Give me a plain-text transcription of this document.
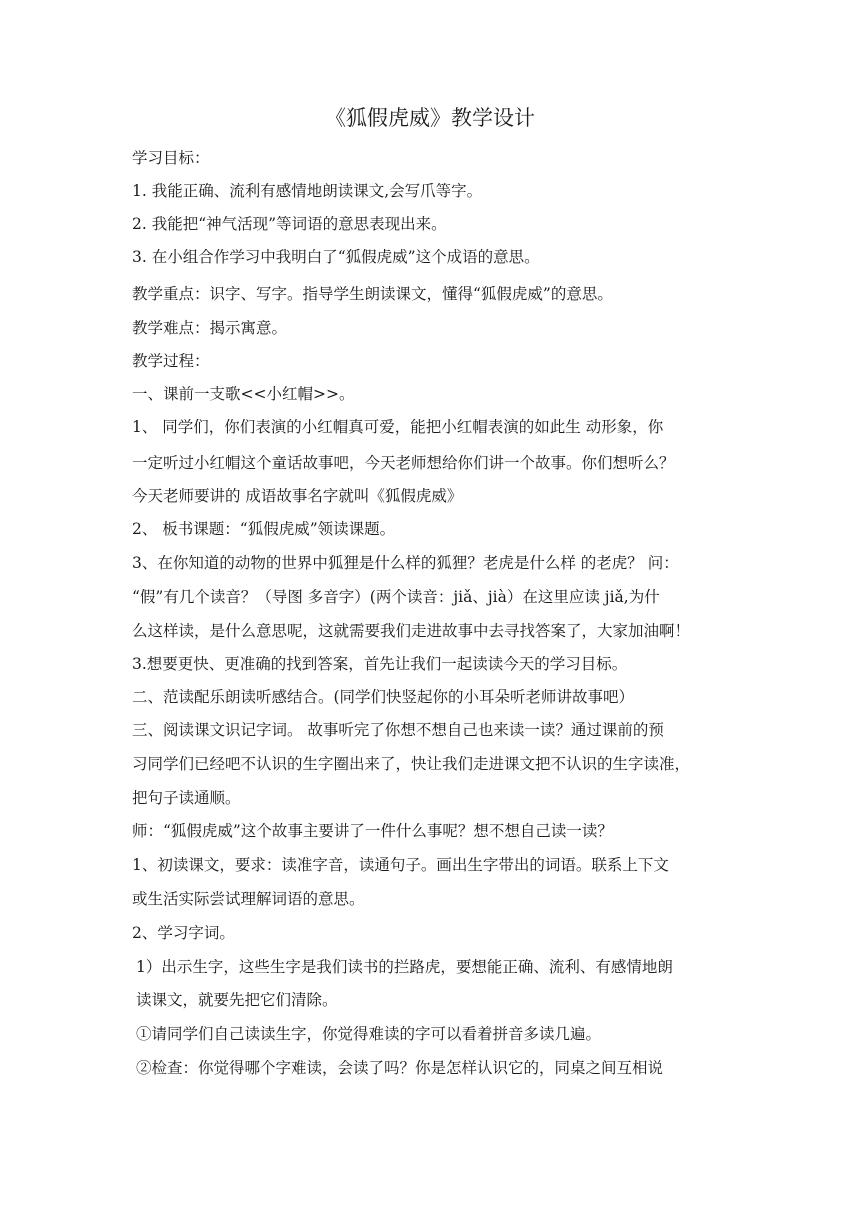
《狐假虎威》教学设计
学习目标：
1. 我能正确、流利有感情地朗读课文,会写爪等字。
2. 我能把“神气活现”等词语的意思表现出来。
3. 在小组合作学习中我明白了“狐假虎威”这个成语的意思。
教学重点：识字、写字。指导学生朗读课文，懂得“狐假虎威”的意思。
教学难点：揭示寓意。
教学过程：
一、课前一支歌<<小红帽>>。
1、 同学们，你们表演的小红帽真可爱，能把小红帽表演的如此生 动形象，你
一定听过小红帽这个童话故事吧，今天老师想给你们讲一个故事。你们想听么？
今天老师要讲的 成语故事名字就叫《狐假虎威》
2、 板书课题：“狐假虎威”领读课题。
3、在你知道的动物的世界中狐狸是什么样的狐狸？老虎是什么样 的老虎？ 问：
“假”有几个读音？（导图 多音字）(两个读音：jiǎ、jià）在这里应读 jiǎ,为什
么这样读，是什么意思呢，这就需要我们走进故事中去寻找答案了，大家加油啊！
3.想要更快、更准确的找到答案，首先让我们一起读读今天的学习目标。
二、范读配乐朗读听感结合。(同学们快竖起你的小耳朵听老师讲故事吧）
三、阅读课文识记字词。 故事听完了你想不想自己也来读一读？通过课前的预
习同学们已经吧不认识的生字圈出来了，快让我们走进课文把不认识的生字读准，
把句子读通顺。
师：“狐假虎威”这个故事主要讲了一件什么事呢？想不想自己读一读？
1、初读课文，要求：读准字音，读通句子。画出生字带出的词语。联系上下文
或生活实际尝试理解词语的意思。
2、学习字词。
1）出示生字，这些生字是我们读书的拦路虎，要想能正确、流利、有感情地朗
读课文，就要先把它们清除。
①请同学们自己读读生字，你觉得难读的字可以看着拼音多读几遍。
②检查：你觉得哪个字难读，会读了吗？你是怎样认识它的，同桌之间互相说
